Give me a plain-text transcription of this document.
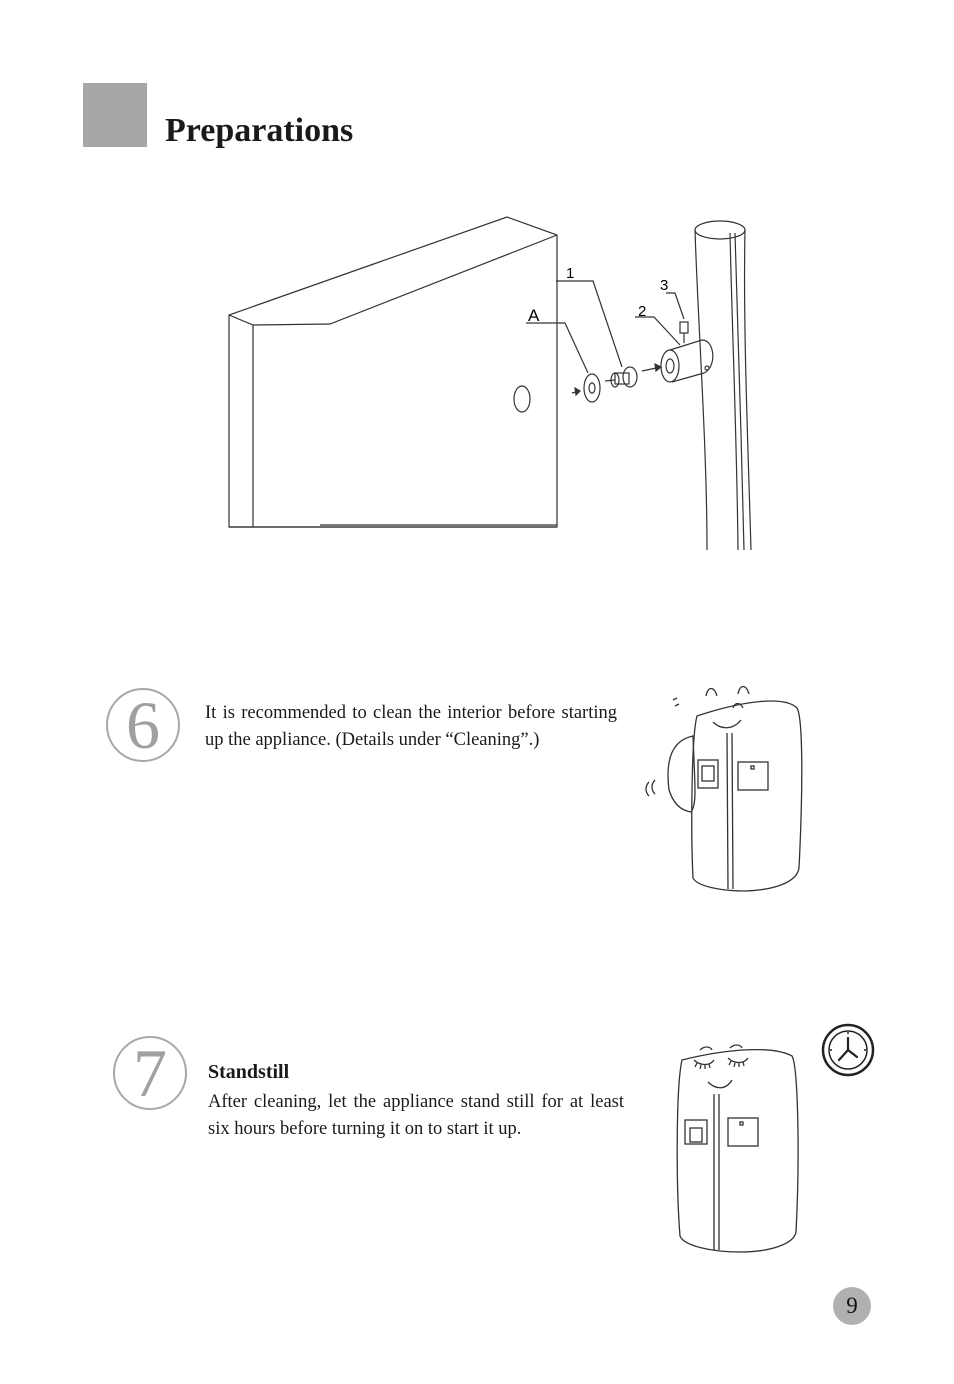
Preparations
1
A	2
3
6	It is recommended to clean the interior before starting up the appliance. (Details under “Cleaning”.)

7	Standstill

After cleaning, let the appliance stand still for at least six hours before turning it on to start it up.

9
